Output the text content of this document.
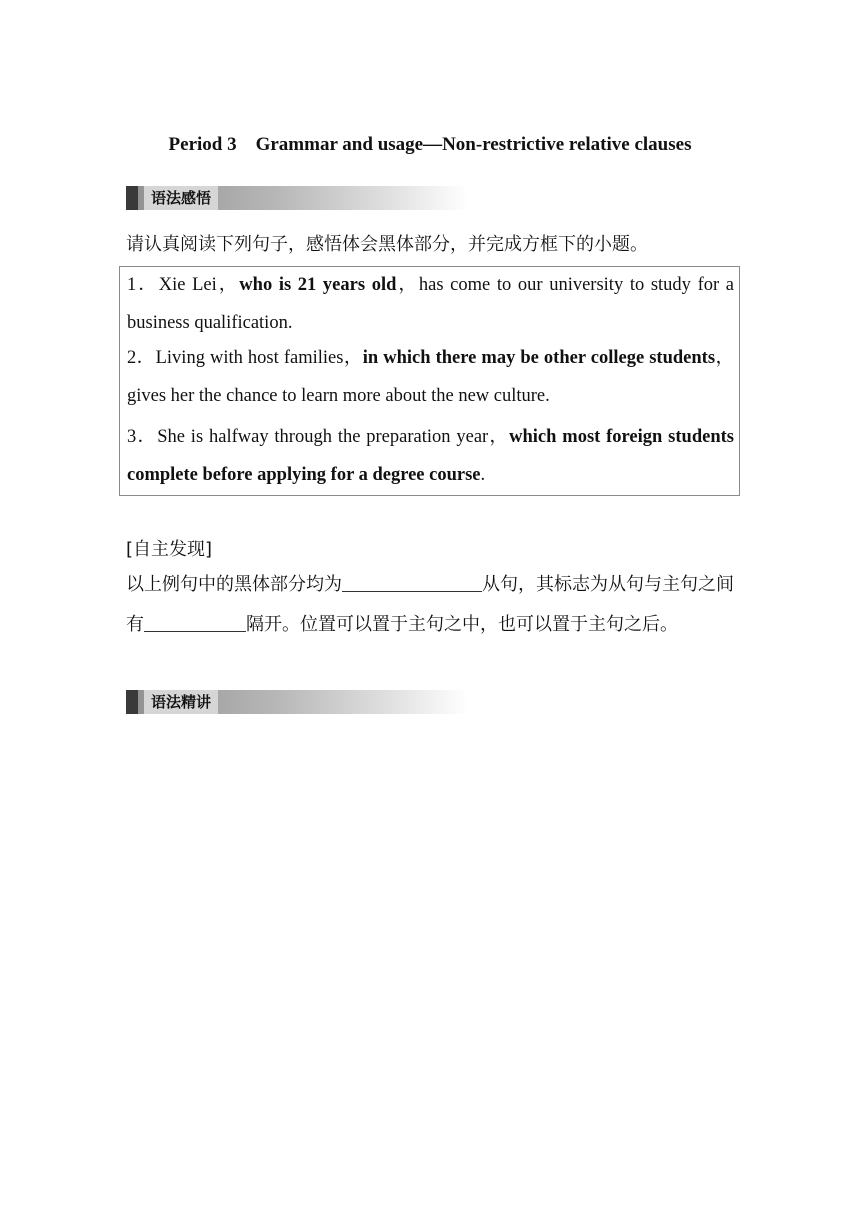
Period 3    Grammar and usage—Non-restrictive relative clauses
语法感悟
请认真阅读下列句子，感悟体会黑体部分，并完成方框下的小题。
1．Xie Lei，who is 21 years old，has come to our university to study for a business qualification.
2．Living with host families，in which there may be other college students，gives her the chance to learn more about the new culture.
3．She is halfway through the preparation year，which most foreign students complete before applying for a degree course.
[自主发现]
以上例句中的黑体部分均为	从句，其标志为从句与主句之间有	隔开。位置可以置于主句之中，也可以置于主句之后。
语法精讲
